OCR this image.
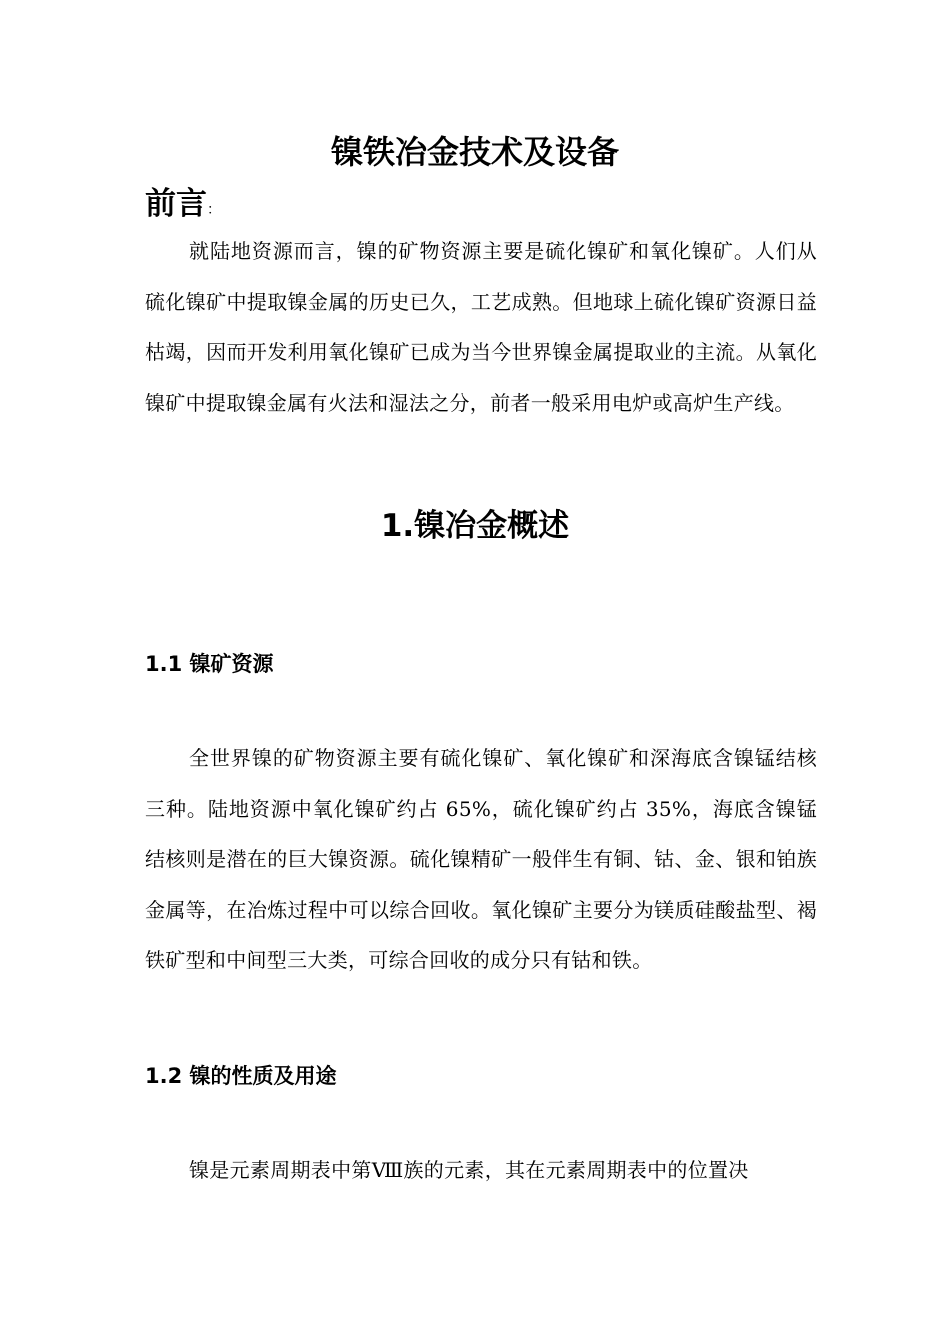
镍铁冶金技术及设备
前言：

就陆地资源而言，镍的矿物资源主要是硫化镍矿和氧化镍矿。人们从硫化镍矿中提取镍金属的历史已久，工艺成熟。但地球上硫化镍矿资源日益枯竭，因而开发利用氧化镍矿已成为当今世界镍金属提取业的主流。从氧化镍矿中提取镍金属有火法和湿法之分，前者一般采用电炉或高炉生产线。

1.镍冶金概述
1.1 镍矿资源

全世界镍的矿物资源主要有硫化镍矿、氧化镍矿和深海底含镍锰结核三种。陆地资源中氧化镍矿约占 65%，硫化镍矿约占 35%，海底含镍锰结核则是潜在的巨大镍资源。硫化镍精矿一般伴生有铜、钴、金、银和铂族金属等，在冶炼过程中可以综合回收。氧化镍矿主要分为镁质硅酸盐型、褐铁矿型和中间型三大类，可综合回收的成分只有钴和铁。

1.2 镍的性质及用途

镍是元素周期表中第Ⅷ族的元素，其在元素周期表中的位置决
